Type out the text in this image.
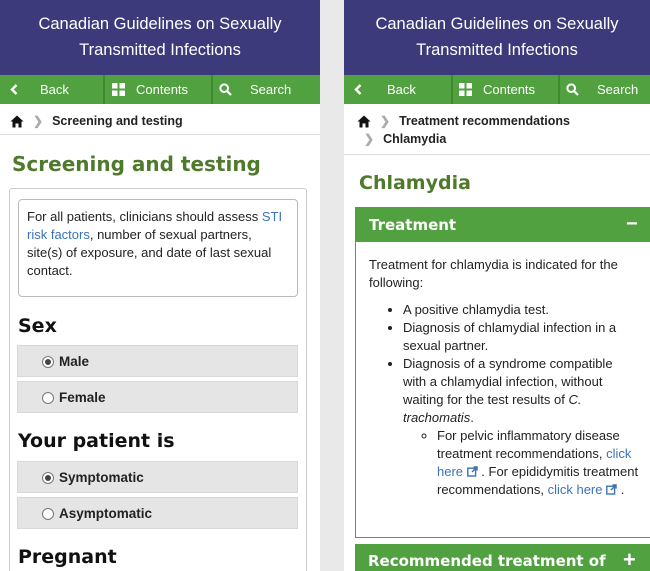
Canadian Guidelines on Sexually
Transmitted Infections
Back	Contents	Search
❯ Screening and testing
Screening and testing
For all patients, clinicians should assess STI risk factors, number of sexual partners, site(s) of exposure, and date of last sexual contact.
Sex
Male
Female
Your patient is
Symptomatic
Asymptomatic
Pregnant
Canadian Guidelines on Sexually
Transmitted Infections
Back	Contents	Search
❯ Treatment recommendations
❯ Chlamydia
Chlamydia
Treatment	−
Treatment for chlamydia is indicated for the following:
• A positive chlamydia test.
• Diagnosis of chlamydial infection in a sexual partner.
• Diagnosis of a syndrome compatible with a chlamydial infection, without waiting for the test results of C. trachomatis.
◦ For pelvic inflammatory disease treatment recommendations, click here . For epididymitis treatment recommendations, click here .
Recommended treatment of +
